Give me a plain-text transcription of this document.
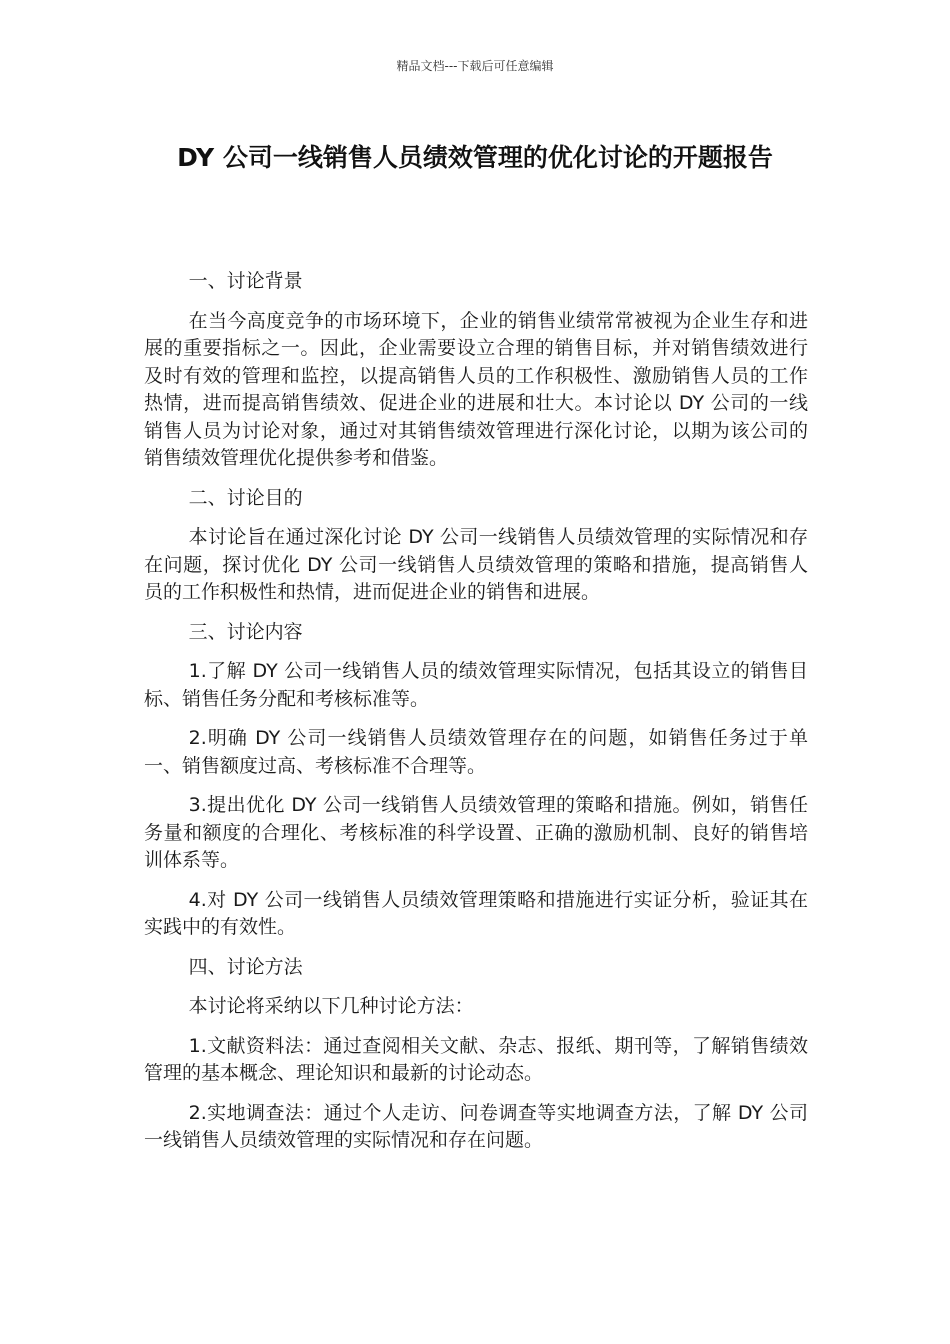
精品文档---下载后可任意编辑
DY 公司一线销售人员绩效管理的优化讨论的开题报告

一、讨论背景

在当今高度竞争的市场环境下，企业的销售业绩常常被视为企业生存和进展的重要指标之一。因此，企业需要设立合理的销售目标，并对销售绩效进行及时有效的管理和监控，以提高销售人员的工作积极性、激励销售人员的工作热情，进而提高销售绩效、促进企业的进展和壮大。本讨论以 DY 公司的一线销售人员为讨论对象，通过对其销售绩效管理进行深化讨论，以期为该公司的销售绩效管理优化提供参考和借鉴。

二、讨论目的

本讨论旨在通过深化讨论 DY 公司一线销售人员绩效管理的实际情况和存在问题，探讨优化 DY 公司一线销售人员绩效管理的策略和措施，提高销售人员的工作积极性和热情，进而促进企业的销售和进展。

三、讨论内容

1.了解 DY 公司一线销售人员的绩效管理实际情况，包括其设立的销售目标、销售任务分配和考核标准等。

2.明确 DY 公司一线销售人员绩效管理存在的问题，如销售任务过于单一、销售额度过高、考核标准不合理等。

3.提出优化 DY 公司一线销售人员绩效管理的策略和措施。例如，销售任务量和额度的合理化、考核标准的科学设置、正确的激励机制、良好的销售培训体系等。

4.对 DY 公司一线销售人员绩效管理策略和措施进行实证分析，验证其在实践中的有效性。

四、讨论方法

本讨论将采纳以下几种讨论方法：

1.文献资料法：通过查阅相关文献、杂志、报纸、期刊等，了解销售绩效管理的基本概念、理论知识和最新的讨论动态。

2.实地调查法：通过个人走访、问卷调查等实地调查方法，了解 DY 公司一线销售人员绩效管理的实际情况和存在问题。
